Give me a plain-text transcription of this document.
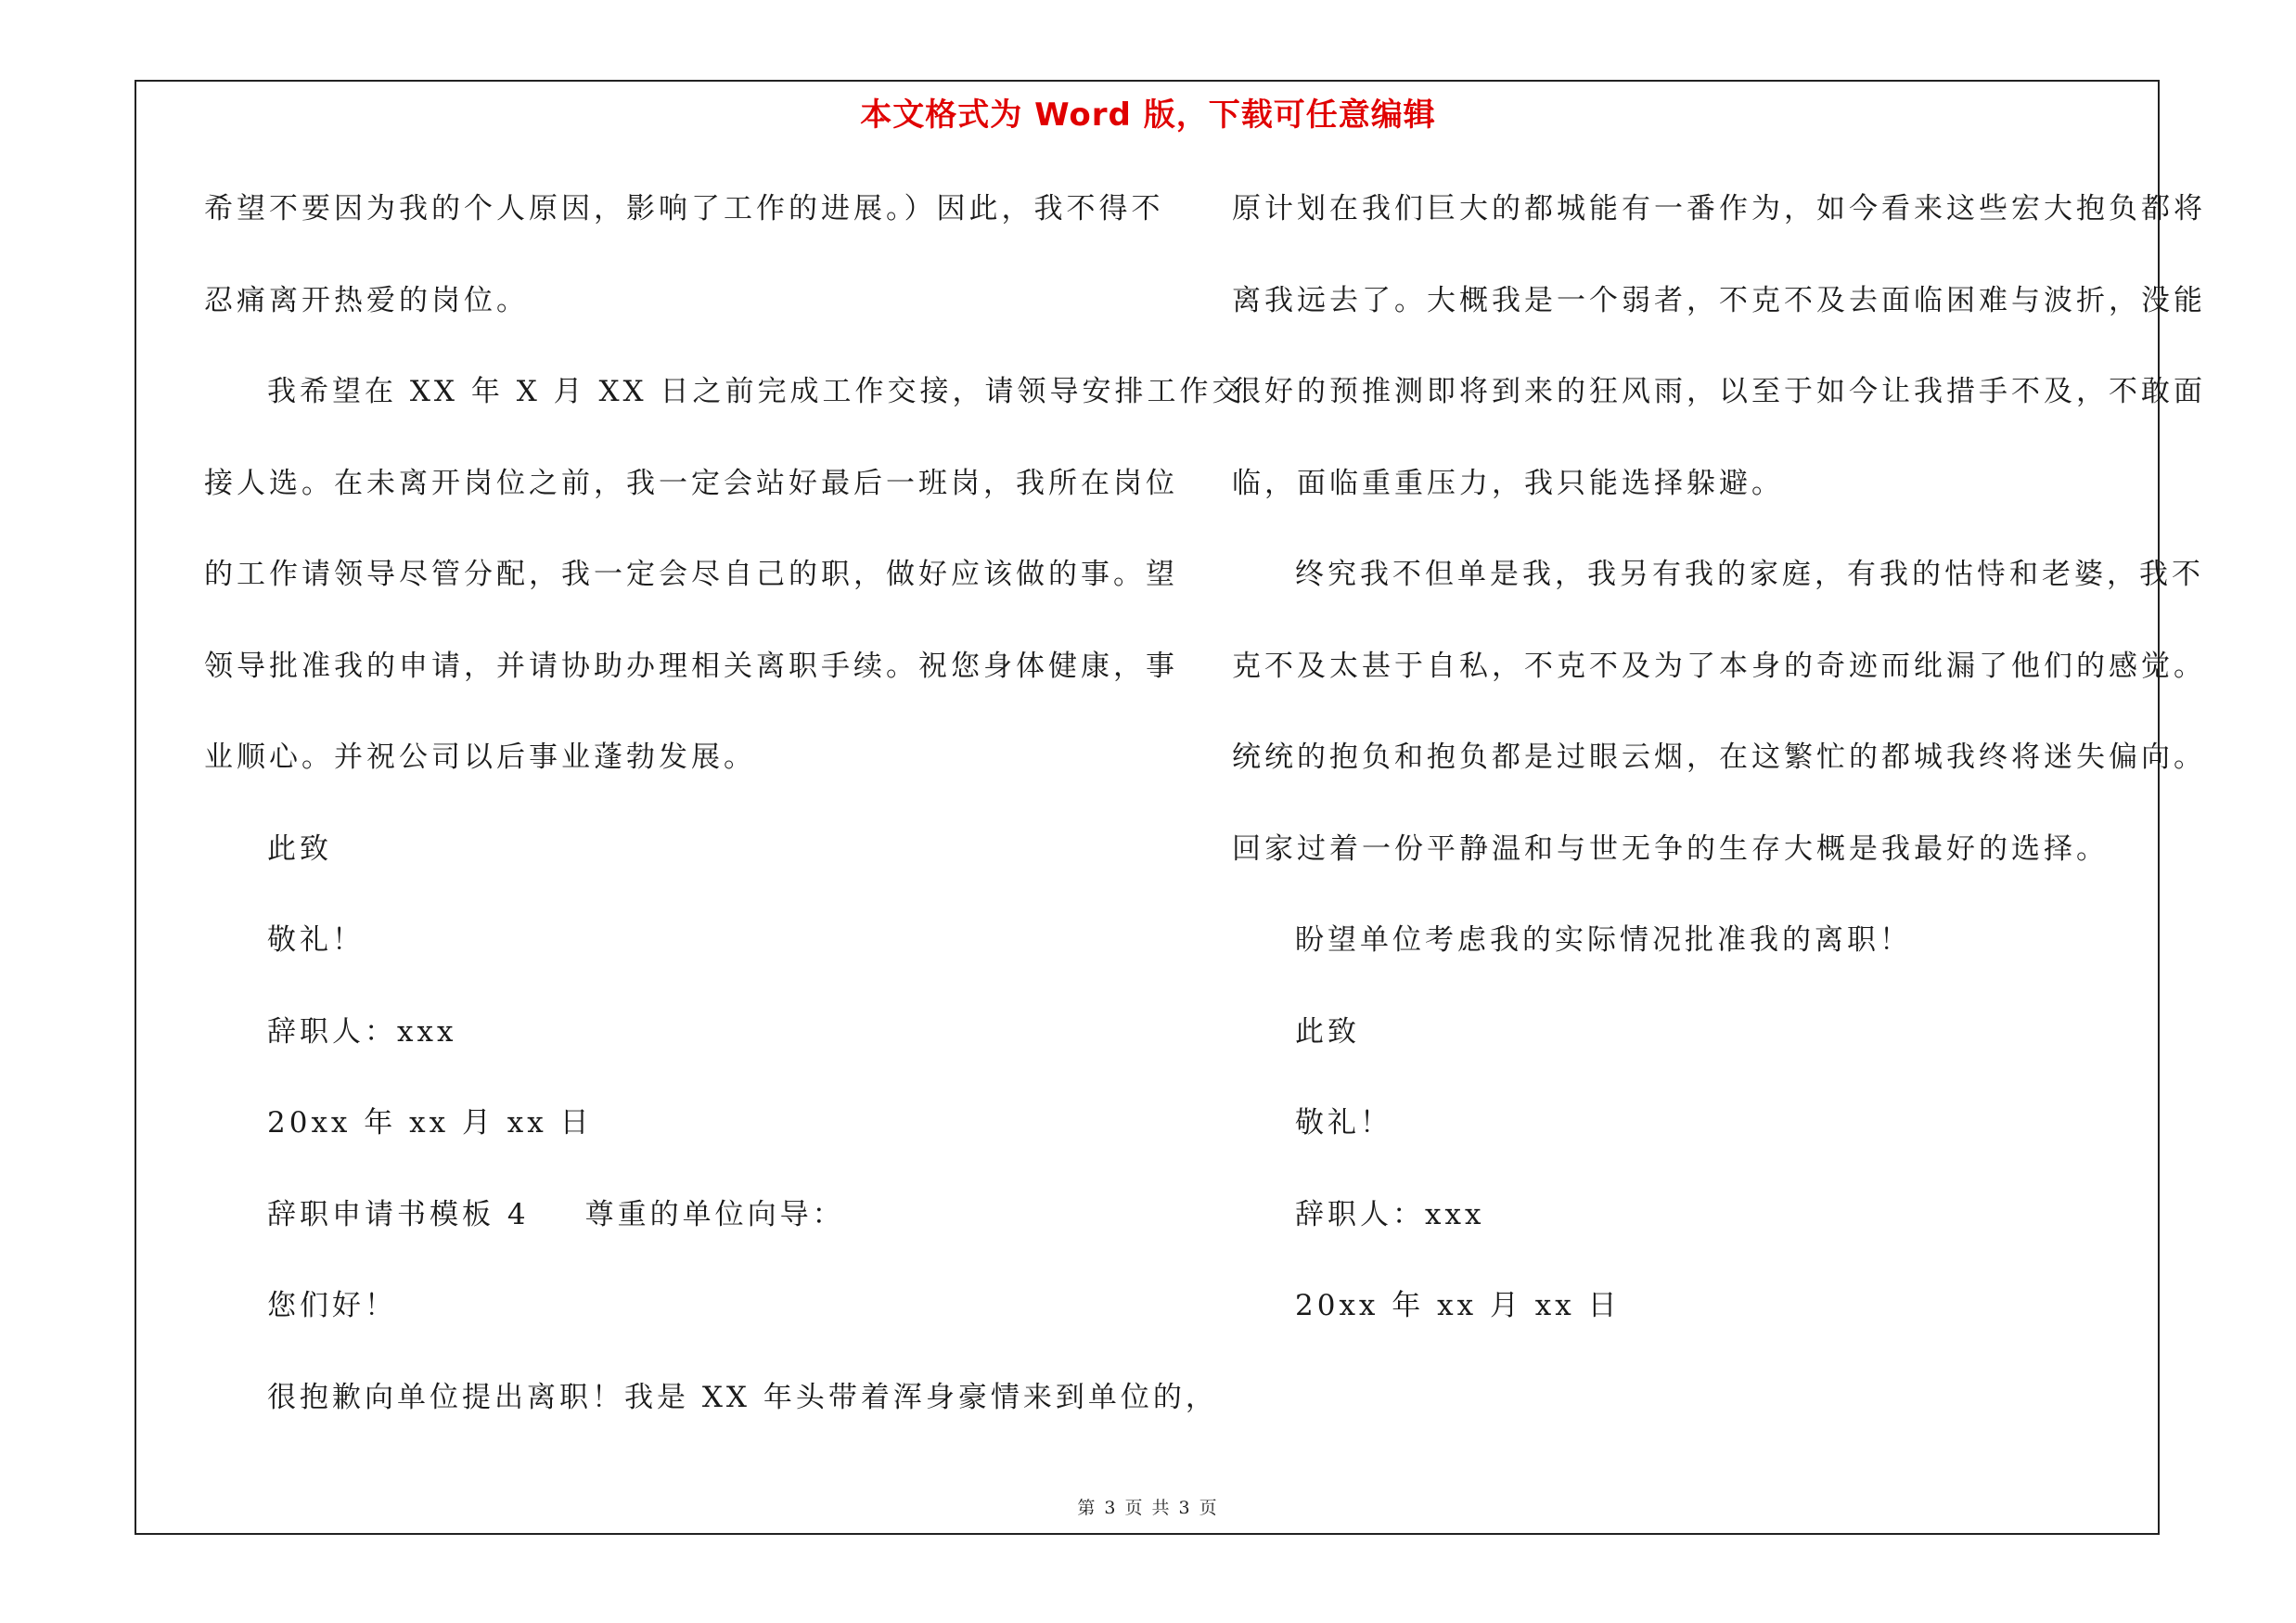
本文格式为 Word 版，下载可任意编辑
希望不要因为我的个人原因，影响了工作的进展。）因此，我不得不
忍痛离开热爱的岗位。
我希望在 XX 年 X 月 XX 日之前完成工作交接，请领导安排工作交
接人选。在未离开岗位之前，我一定会站好最后一班岗，我所在岗位
的工作请领导尽管分配，我一定会尽自己的职，做好应该做的事。望
领导批准我的申请，并请协助办理相关离职手续。祝您身体健康，事
业顺心。并祝公司以后事业蓬勃发展。
此致
敬礼！
辞职人：xxx
20xx 年 xx 月 xx 日
辞职申请书模板 4 尊重的单位向导：
您们好！
很抱歉向单位提出离职！我是 XX 年头带着浑身豪情来到单位的，
原计划在我们巨大的都城能有一番作为，如今看来这些宏大抱负都将
离我远去了。大概我是一个弱者，不克不及去面临困难与波折，没能
很好的预推测即将到来的狂风雨，以至于如今让我措手不及，不敢面
临，面临重重压力，我只能选择躲避。
终究我不但单是我，我另有我的家庭，有我的怙恃和老婆，我不
克不及太甚于自私，不克不及为了本身的奇迹而纰漏了他们的感觉。
统统的抱负和抱负都是过眼云烟，在这繁忙的都城我终将迷失偏向。
回家过着一份平静温和与世无争的生存大概是我最好的选择。
盼望单位考虑我的实际情况批准我的离职！
此致
敬礼！
辞职人：xxx
20xx 年 xx 月 xx 日
第 3 页 共 3 页
